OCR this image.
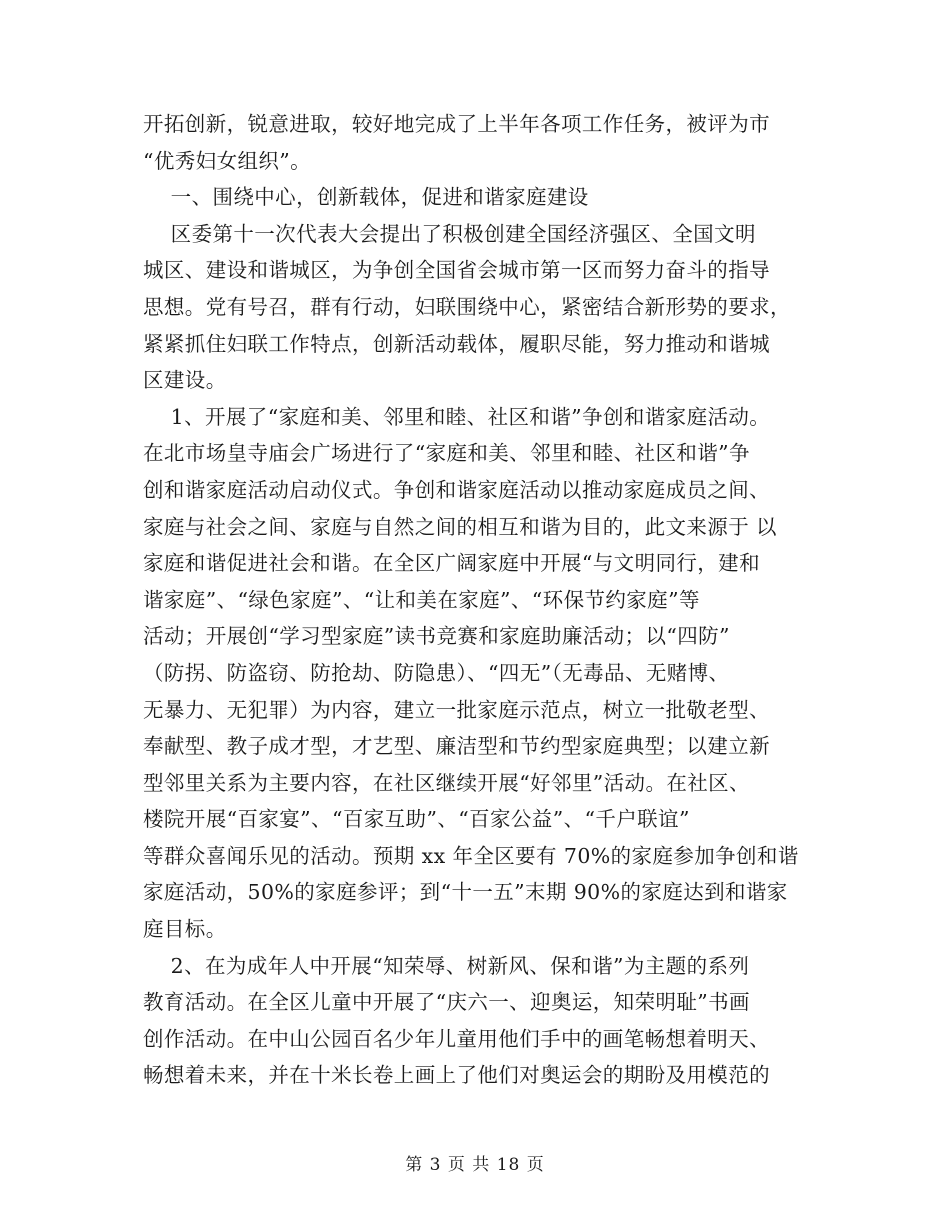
开拓创新，锐意进取，较好地完成了上半年各项工作任务，被评为市
“优秀妇女组织”。
一、围绕中心，创新载体，促进和谐家庭建设
区委第十一次代表大会提出了积极创建全国经济强区、全国文明
城区、建设和谐城区，为争创全国省会城市第一区而努力奋斗的指导
思想。党有号召，群有行动，妇联围绕中心，紧密结合新形势的要求，
紧紧抓住妇联工作特点，创新活动载体，履职尽能，努力推动和谐城
区建设。
1、开展了“家庭和美、邻里和睦、社区和谐”争创和谐家庭活动。
在北市场皇寺庙会广场进行了“家庭和美、邻里和睦、社区和谐”争
创和谐家庭活动启动仪式。争创和谐家庭活动以推动家庭成员之间、
家庭与社会之间、家庭与自然之间的相互和谐为目的，此文来源于 以
家庭和谐促进社会和谐。在全区广阔家庭中开展“与文明同行，建和
谐家庭”、“绿色家庭”、“让和美在家庭”、“环保节约家庭”等
活动；开展创“学习型家庭”读书竞赛和家庭助廉活动；以“四防”
（防拐、防盗窃、防抢劫、防隐患）、“四无”（无毒品、无赌博、
无暴力、无犯罪）为内容，建立一批家庭示范点，树立一批敬老型、
奉献型、教子成才型，才艺型、廉洁型和节约型家庭典型；以建立新
型邻里关系为主要内容，在社区继续开展“好邻里”活动。在社区、
楼院开展“百家宴”、“百家互助”、“百家公益”、“千户联谊”
等群众喜闻乐见的活动。预期 xx 年全区要有 70%的家庭参加争创和谐
家庭活动，50%的家庭参评；到“十一五”末期 90%的家庭达到和谐家
庭目标。
2、在为成年人中开展“知荣辱、树新风、保和谐”为主题的系列
教育活动。在全区儿童中开展了“庆六一、迎奥运，知荣明耻”书画
创作活动。在中山公园百名少年儿童用他们手中的画笔畅想着明天、
畅想着未来，并在十米长卷上画上了他们对奥运会的期盼及用模范的
第 3 页 共 18 页
